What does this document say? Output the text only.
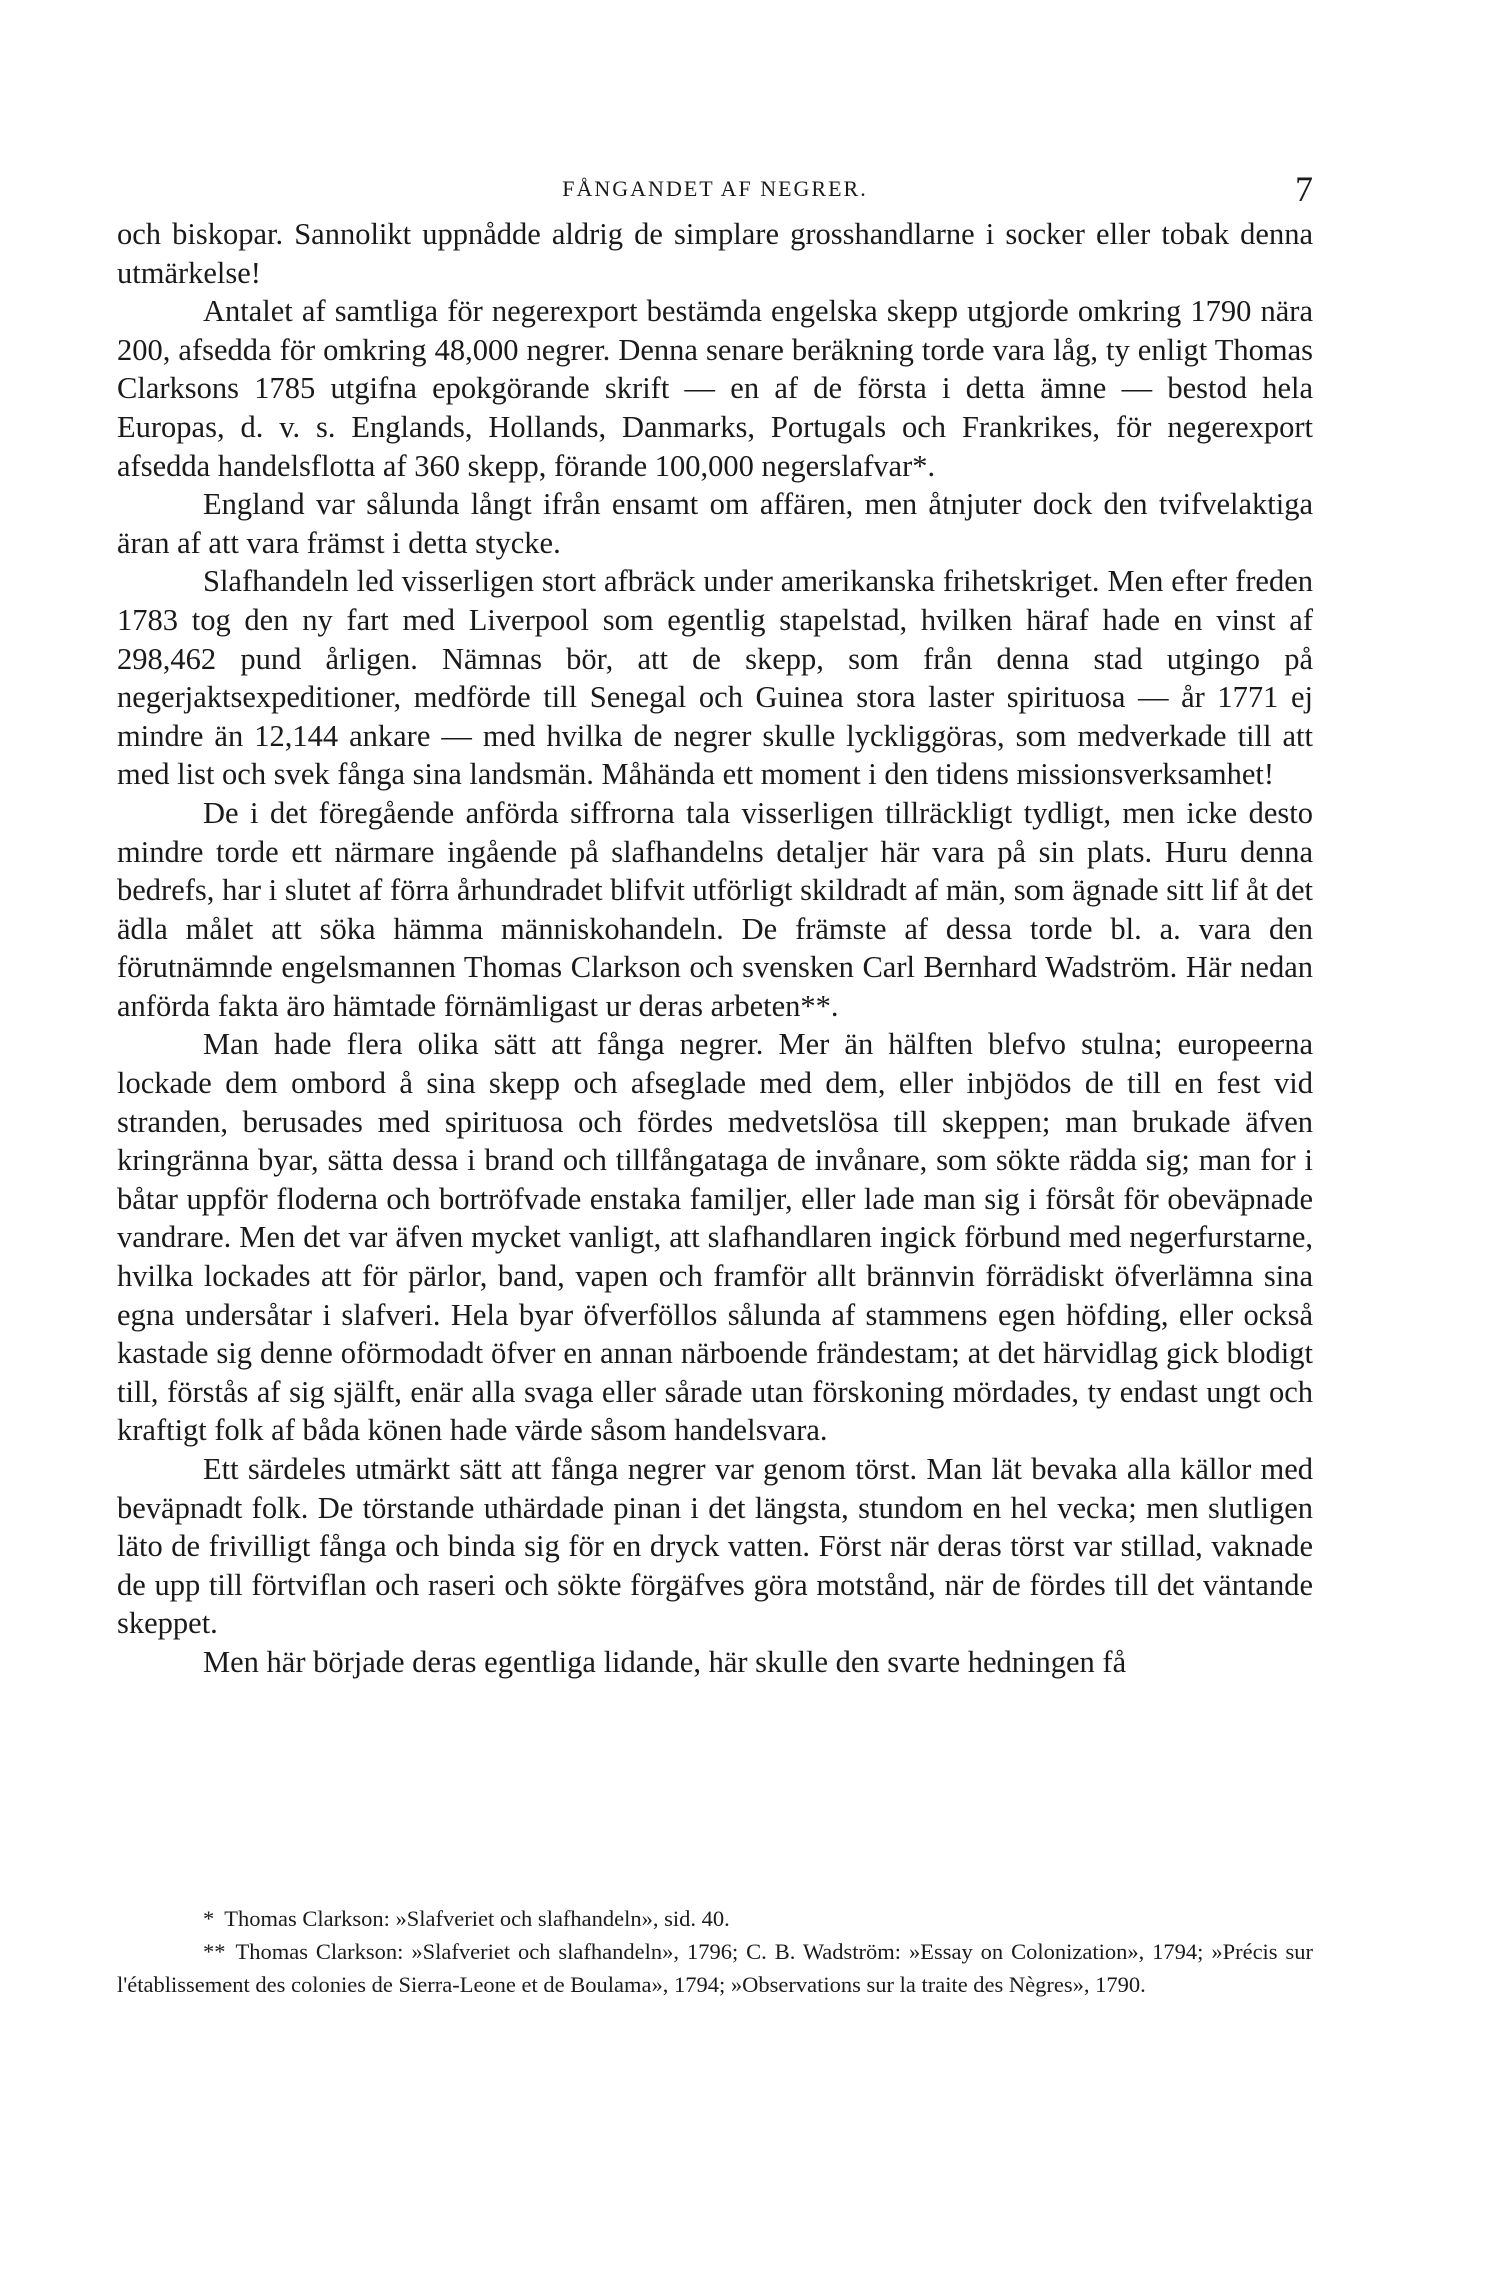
FÅNGANDET AF NEGRER.	7

och biskopar. Sannolikt uppnådde aldrig de simplare grosshandlarne i socker eller tobak denna utmärkelse!

Antalet af samtliga för negerexport bestämda engelska skepp utgjorde omkring 1790 nära 200, afsedda för omkring 48,000 negrer. Denna senare beräkning torde vara låg, ty enligt Thomas Clarksons 1785 utgifna epokgörande skrift — en af de första i detta ämne — bestod hela Europas, d. v. s. Englands, Hollands, Danmarks, Portugals och Frankrikes, för negerexport afsedda handelsflotta af 360 skepp, förande 100,000 negerslafvar*.

England var sålunda långt ifrån ensamt om affären, men åtnjuter dock den tvifvelaktiga äran af att vara främst i detta stycke.

Slafhandeln led visserligen stort afbräck under amerikanska frihetskriget. Men efter freden 1783 tog den ny fart med Liverpool som egentlig stapelstad, hvilken häraf hade en vinst af 298,462 pund årligen. Nämnas bör, att de skepp, som från denna stad utgingo på negerjaktsexpeditioner, medförde till Senegal och Guinea stora laster spirituosa — år 1771 ej mindre än 12,144 ankare — med hvilka de negrer skulle lyckliggöras, som medverkade till att med list och svek fånga sina landsmän. Måhända ett moment i den tidens missionsverksamhet!

De i det föregående anförda siffrorna tala visserligen tillräckligt tydligt, men icke desto mindre torde ett närmare ingående på slafhandelns detaljer här vara på sin plats. Huru denna bedrefs, har i slutet af förra århundradet blifvit utförligt skildradt af män, som ägnade sitt lif åt det ädla målet att söka hämma människohandeln. De främste af dessa torde bl. a. vara den förutnämnde engelsmannen Thomas Clarkson och svensken Carl Bernhard Wadström. Här nedan anförda fakta äro hämtade förnämligast ur deras arbeten**.

Man hade flera olika sätt att fånga negrer. Mer än hälften blefvo stulna; europeerna lockade dem ombord å sina skepp och afseglade med dem, eller inbjödos de till en fest vid stranden, berusades med spirituosa och fördes medvetslösa till skeppen; man brukade äfven kringränna byar, sätta dessa i brand och tillfångataga de invånare, som sökte rädda sig; man for i båtar uppför floderna och bortröfvade enstaka familjer, eller lade man sig i försåt för obeväpnade vandrare. Men det var äfven mycket vanligt, att slafhandlaren ingick förbund med negerfurstarne, hvilka lockades att för pärlor, band, vapen och framför allt brännvin förrädiskt öfverlämna sina egna undersåtar i slafveri. Hela byar öfverföllos sålunda af stammens egen höfding, eller också kastade sig denne oförmodadt öfver en annan närboende frändestam; at det härvidlag gick blodigt till, förstås af sig själft, enär alla svaga eller sårade utan förskoning mördades, ty endast ungt och kraftigt folk af båda könen hade värde såsom handelsvara.

Ett särdeles utmärkt sätt att fånga negrer var genom törst. Man lät bevaka alla källor med beväpnadt folk. De törstande uthärdade pinan i det längsta, stundom en hel vecka; men slutligen läto de frivilligt fånga och binda sig för en dryck vatten. Först när deras törst var stillad, vaknade de upp till förtviflan och raseri och sökte förgäfves göra motstånd, när de fördes till det väntande skeppet.

Men här började deras egentliga lidande, här skulle den svarte hedningen få

* Thomas Clarkson: »Slafveriet och slafhandeln», sid. 40.

** Thomas Clarkson: »Slafveriet och slafhandeln», 1796; C. B. Wadström: »Essay on Colonization», 1794; »Précis sur l'établissement des colonies de Sierra-Leone et de Boulama», 1794; »Observations sur la traite des Nègres», 1790.
